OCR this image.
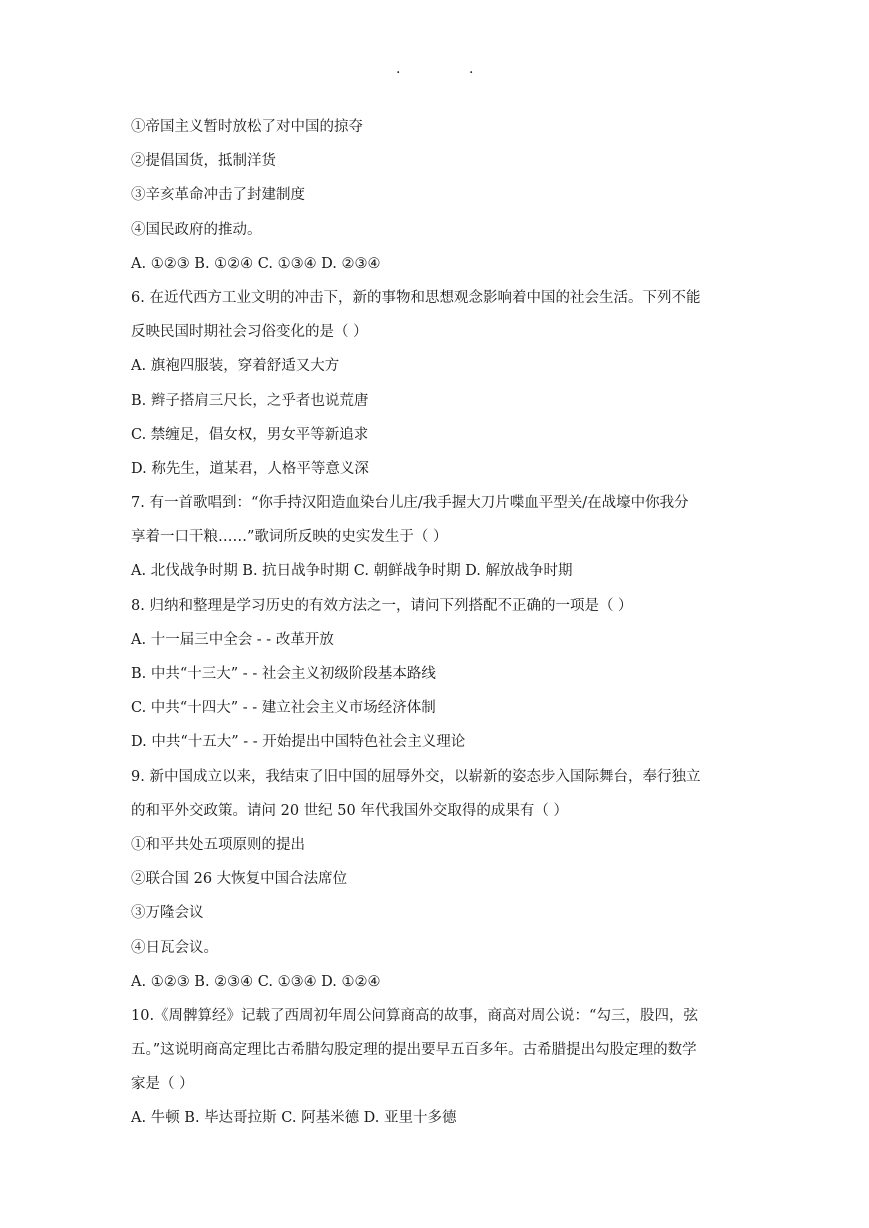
.	.
①帝国主义暂时放松了对中国的掠夺
②提倡国货，抵制洋货
③辛亥革命冲击了封建制度
④国民政府的推动。
A. ①②③ B. ①②④ C. ①③④ D. ②③④
6. 在近代西方工业文明的冲击下，新的事物和思想观念影响着中国的社会生活。下列不能
反映民国时期社会习俗变化的是（ ）
A. 旗袍四服装，穿着舒适又大方
B. 辫子搭肩三尺长，之乎者也说荒唐
C. 禁缠足，倡女权，男女平等新追求
D. 称先生，道某君，人格平等意义深
7. 有一首歌唱到：“你手持汉阳造血染台儿庄/我手握大刀片喋血平型关/在战壕中你我分
享着一口干粮……”歌词所反映的史实发生于（ ）
A. 北伐战争时期 B. 抗日战争时期 C. 朝鲜战争时期 D. 解放战争时期
8. 归纳和整理是学习历史的有效方法之一，请问下列搭配不正确的一项是（ ）
A. 十一届三中全会 - - 改革开放
B. 中共“十三大” - - 社会主义初级阶段基本路线
C. 中共“十四大” - - 建立社会主义市场经济体制
D. 中共“十五大” - - 开始提出中国特色社会主义理论
9. 新中国成立以来，我结束了旧中国的屈辱外交，以崭新的姿态步入国际舞台，奉行独立
的和平外交政策。请问 20 世纪 50 年代我国外交取得的成果有（ ）
①和平共处五项原则的提出
②联合国 26 大恢复中国合法席位
③万隆会议
④日瓦会议。
A. ①②③ B. ②③④ C. ①③④ D. ①②④
10.《周髀算经》记载了西周初年周公问算商高的故事，商高对周公说：“勾三，股四，弦
五。”这说明商高定理比古希腊勾股定理的提出要早五百多年。古希腊提出勾股定理的数学
家是（ ）
A. 牛顿 B. 毕达哥拉斯 C. 阿基米德 D. 亚里十多德
